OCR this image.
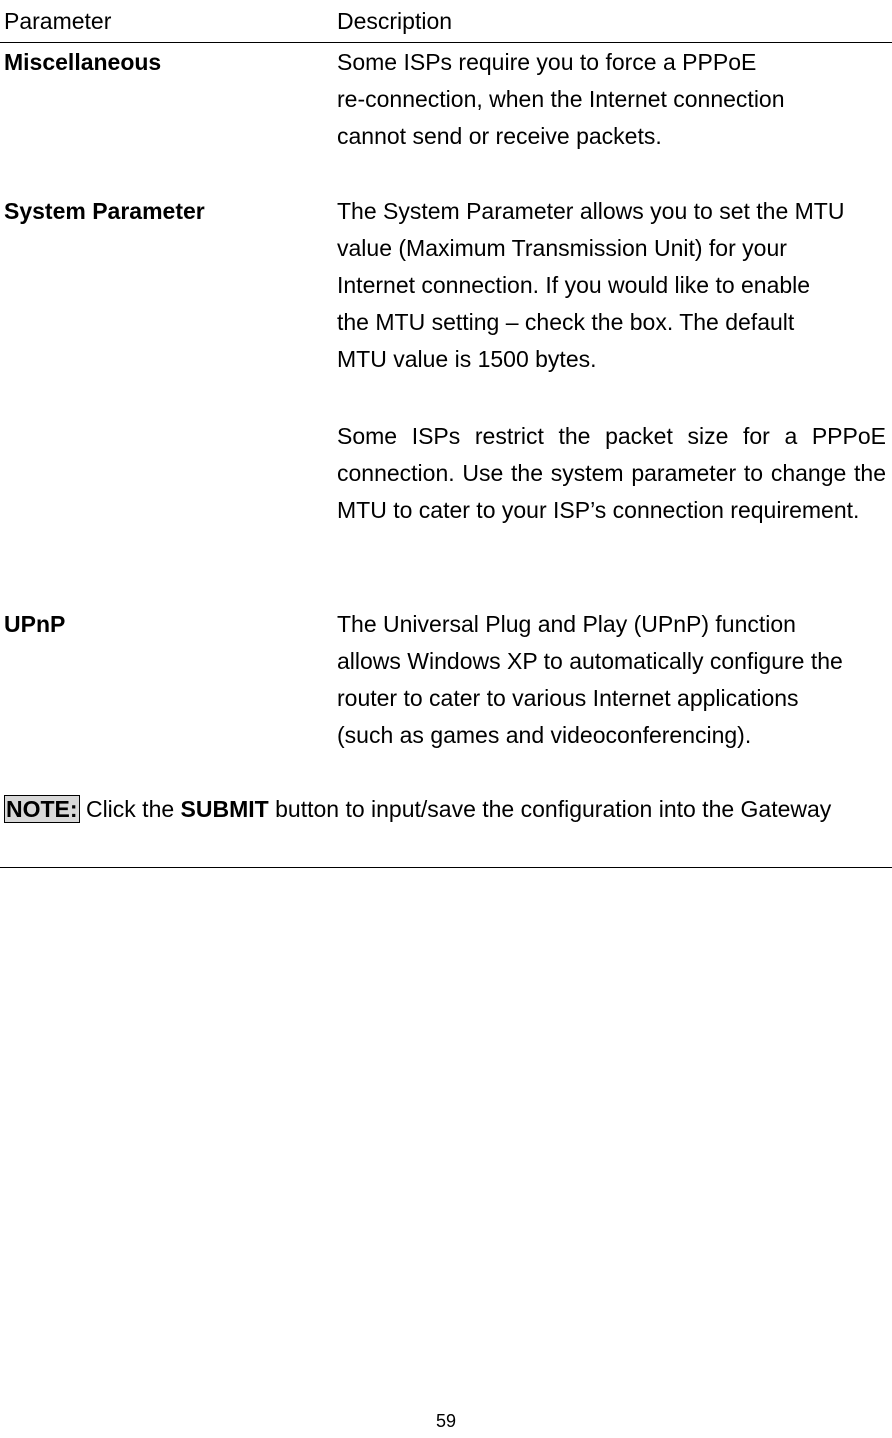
Parameter	Description
Miscellaneous	Some ISPs require you to force a PPPoE
re-connection, when the Internet connection
cannot send or receive packets.
System Parameter	The System Parameter allows you to set the MTU
value (Maximum Transmission Unit) for your
Internet connection. If you would like to enable
the MTU setting – check the box. The default
MTU value is 1500 bytes.
Some ISPs restrict the packet size for a PPPoE connection. Use the system parameter to change the MTU to cater to your ISP’s connection requirement.
UPnP	The Universal Plug and Play (UPnP) function
allows Windows XP to automatically configure the
router to cater to various Internet applications
(such as games and videoconferencing).
NOTE: Click the SUBMIT button to input/save the configuration into the Gateway
59
